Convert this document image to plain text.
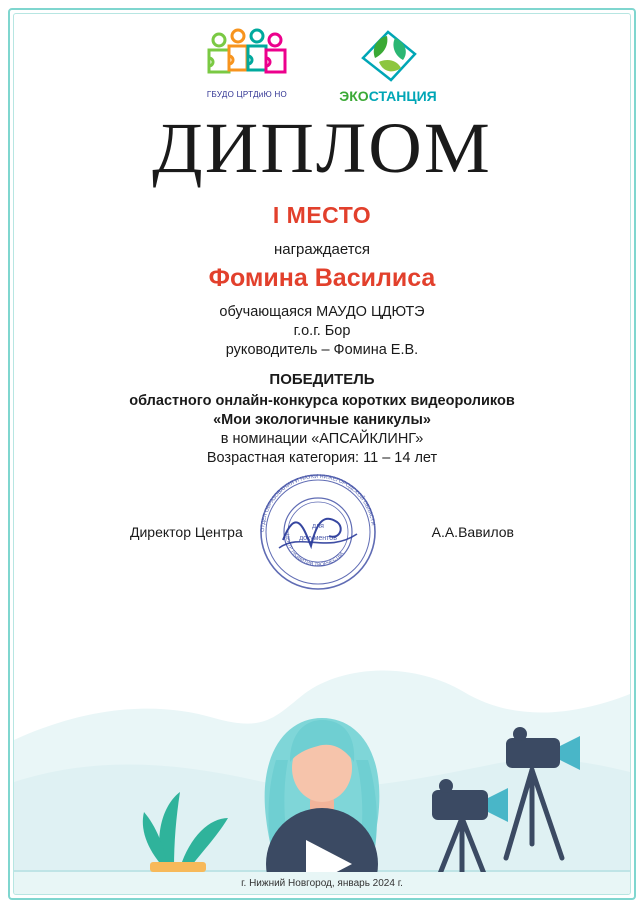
ГБУДО ЦРТДиЮ НО	ЭКОСТАНЦИЯ
ДИПЛОМ
I МЕСТО
награждается
Фомина Василиса
обучающаяся МАУДО ЦДЮТЭ
г.о.г. Бор
руководитель – Фомина Е.В.
ПОБЕДИТЕЛЬ
областного онлайн-конкурса коротких видеороликов
«Мои экологичные каникулы»
в номинации «АПСАЙКЛИНГ»
Возрастная категория: 11 – 14 лет
Директор Центра	А.А.Вавилов
ОТДЕЛ ОБРАЗОВАНИЯ И НАУКИ НИЖЕГОРОДСКОЙ ОБЛАСТИ
ЦЕНТР РАЗВИТИЯ ТВОРЧЕСТВА
для
документов
г. Нижний Новгород, январь 2024 г.
